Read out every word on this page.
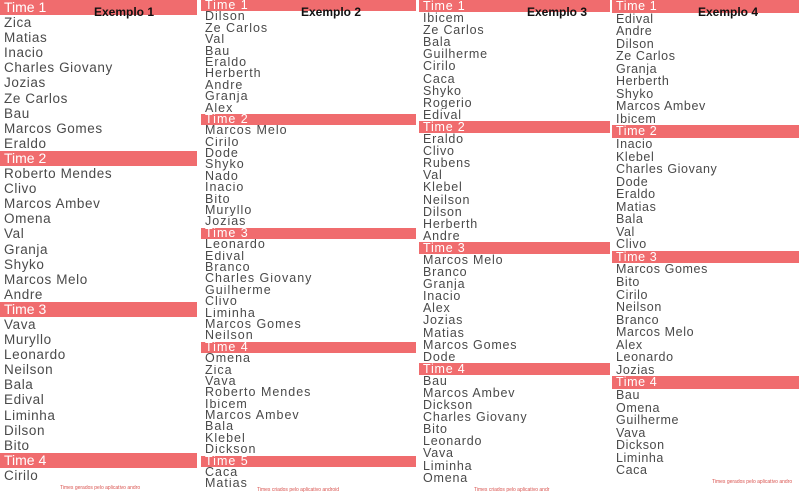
Exemplo 1
Time 1
Zica
Matias
Inacio
Charles Giovany
Jozias
Ze Carlos
Bau
Marcos Gomes
Eraldo
Time 2
Roberto Mendes
Clivo
Marcos Ambev
Omena
Val
Granja
Shyko
Marcos Melo
Andre
Time 3
Vava
Muryllo
Leonardo
Neilson
Bala
Edival
Liminha
Dilson
Bito
Time 4
Cirilo
Times gerados pelo aplicativo andro
Exemplo 2
Time 1
Dilson
Ze Carlos
Val
Bau
Eraldo
Herberth
Andre
Granja
Alex
Time 2
Marcos Melo
Cirilo
Dode
Shyko
Nado
Inacio
Bito
Muryllo
Jozias
Time 3
Leonardo
Edival
Branco
Charles Giovany
Guilherme
Clivo
Liminha
Marcos Gomes
Neilson
Time 4
Omena
Zica
Vava
Roberto Mendes
Ibicem
Marcos Ambev
Bala
Klebel
Dickson
Time 5
Caca
Matias	Times criados pelo aplicativo android
Exemplo 3
Time 1
Ibicem
Ze Carlos
Bala
Guilherme
Cirilo
Caca
Shyko
Rogerio
Edival
Time 2
Eraldo
Clivo
Rubens
Val
Klebel
Neilson
Dilson
Herberth
Andre
Time 3
Marcos Melo
Branco
Granja
Inacio
Alex
Jozias
Matias
Marcos Gomes
Dode
Time 4
Bau
Marcos Ambev
Dickson
Charles Giovany
Bito
Leonardo
Vava
Liminha
Omena
Times criados pelo aplicativo andr
Exemplo 4
Time 1
Edival
Andre
Dilson
Ze Carlos
Granja
Herberth
Shyko
Marcos Ambev
Ibicem
Time 2
Inacio
Klebel
Charles Giovany
Dode
Eraldo
Matias
Bala
Val
Clivo
Time 3
Marcos Gomes
Bito
Cirilo
Neilson
Branco
Marcos Melo
Alex
Leonardo
Jozias
Time 4
Bau
Omena
Guilherme
Vava
Dickson
Liminha
Caca
Times gerados pelo aplicativo andro
